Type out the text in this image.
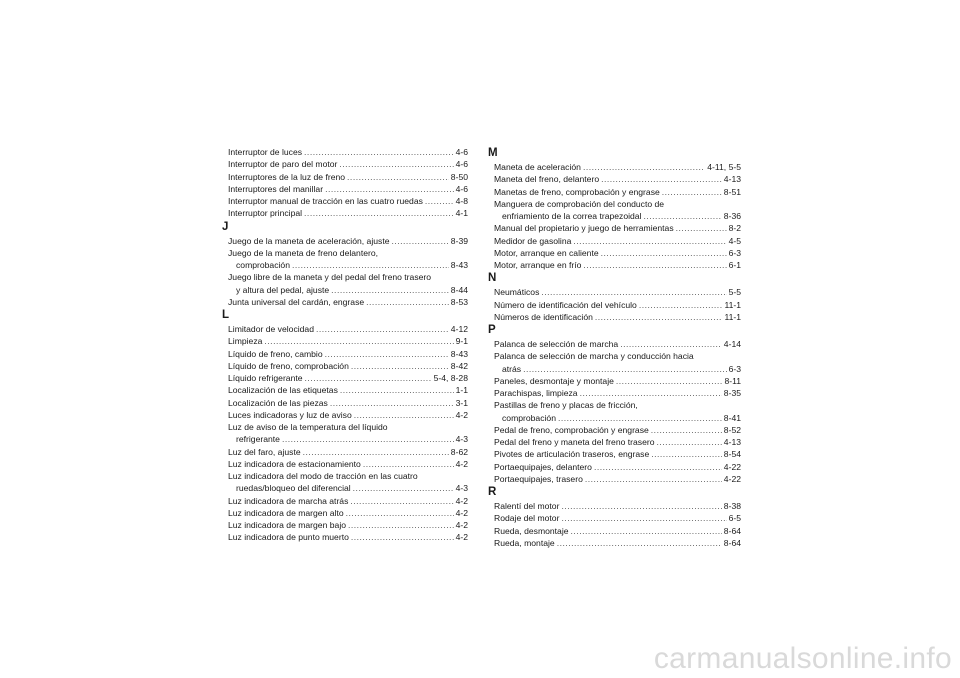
Interruptor de luces .....	4-6
Interruptor de paro del motor .....	4-6
Interruptores de la luz de freno .....	8-50
Interruptores del manillar .....	4-6
Interruptor manual de tracción en las cuatro ruedas .....	4-8
Interruptor principal .....	4-1
J
Juego de la maneta de aceleración, ajuste .....	8-39
Juego de la maneta de freno delantero,
comprobación .....	8-43
Juego libre de la maneta y del pedal del freno trasero
y altura del pedal, ajuste .....	8-44
Junta universal del cardán, engrase .....	8-53
L
Limitador de velocidad .....	4-12
Limpieza .....	9-1
Líquido de freno, cambio .....	8-43
Líquido de freno, comprobación .....	8-42
Líquido refrigerante .....	5-4, 8-28
Localización de las etiquetas .....	1-1
Localización de las piezas .....	3-1
Luces indicadoras y luz de aviso .....	4-2
Luz de aviso de la temperatura del líquido
refrigerante .....	4-3
Luz del faro, ajuste .....	8-62
Luz indicadora de estacionamiento .....	4-2
Luz indicadora del modo de tracción en las cuatro
ruedas/bloqueo del diferencial .....	4-3
Luz indicadora de marcha atrás .....	4-2
Luz indicadora de margen alto .....	4-2
Luz indicadora de margen bajo .....	4-2
Luz indicadora de punto muerto .....	4-2
M
Maneta de aceleración .....	4-11, 5-5
Maneta del freno, delantero .....	4-13
Manetas de freno, comprobación y engrase .....	8-51
Manguera de comprobación del conducto de
enfriamiento de la correa trapezoidal .....	8-36
Manual del propietario y juego de herramientas .....	8-2
Medidor de gasolina .....	4-5
Motor, arranque en caliente .....	6-3
Motor, arranque en frío .....	6-1
N
Neumáticos .....	5-5
Número de identificación del vehículo .....	11-1
Números de identificación .....	11-1
P
Palanca de selección de marcha .....	4-14
Palanca de selección de marcha y conducción hacia
atrás .....	6-3
Paneles, desmontaje y montaje .....	8-11
Parachispas, limpieza .....	8-35
Pastillas de freno y placas de fricción,
comprobación .....	8-41
Pedal de freno, comprobación y engrase .....	8-52
Pedal del freno y maneta del freno trasero .....	4-13
Pivotes de articulación traseros, engrase .....	8-54
Portaequipajes, delantero .....	4-22
Portaequipajes, trasero .....	4-22
R
Ralentí del motor .....	8-38
Rodaje del motor .....	6-5
Rueda, desmontaje .....	8-64
Rueda, montaje .....	8-64
carmanualsonline.info
